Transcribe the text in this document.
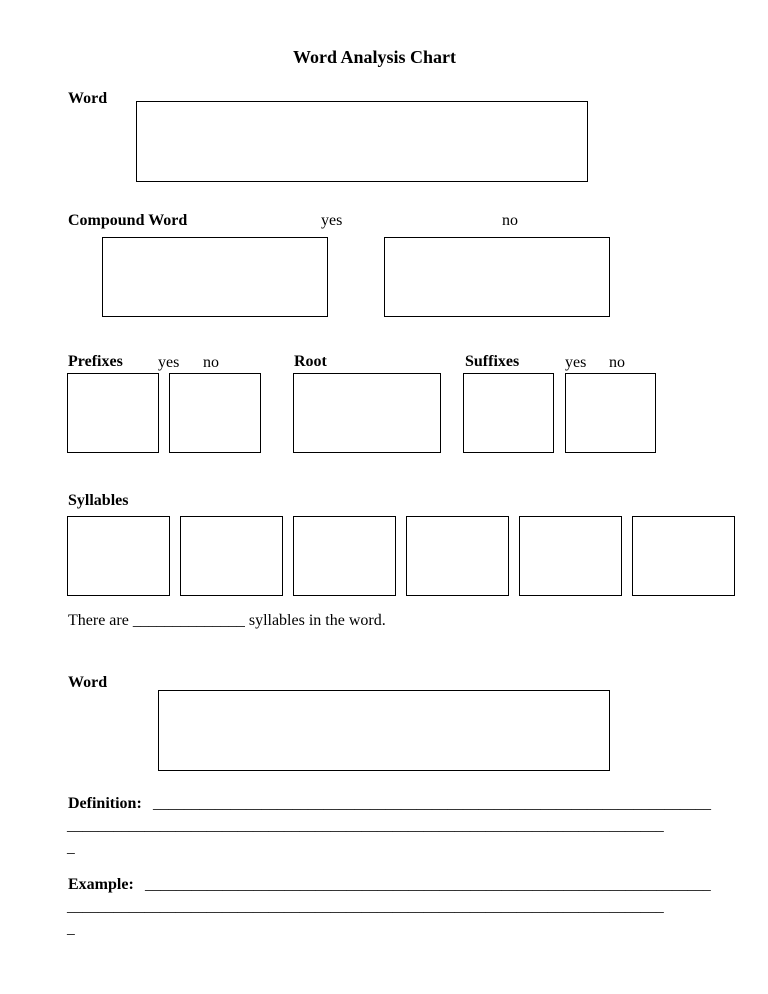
Word Analysis Chart
Word
Compound Word	yes	no
Prefixes yes no	Root	Suffixes	yes no
Syllables
There are ______________ syllables in the word.
Word
Definition: ________________________________________________________________________
_____________________________________________________________________________
_
Example: _________________________________________________________________________
_____________________________________________________________________________
_
